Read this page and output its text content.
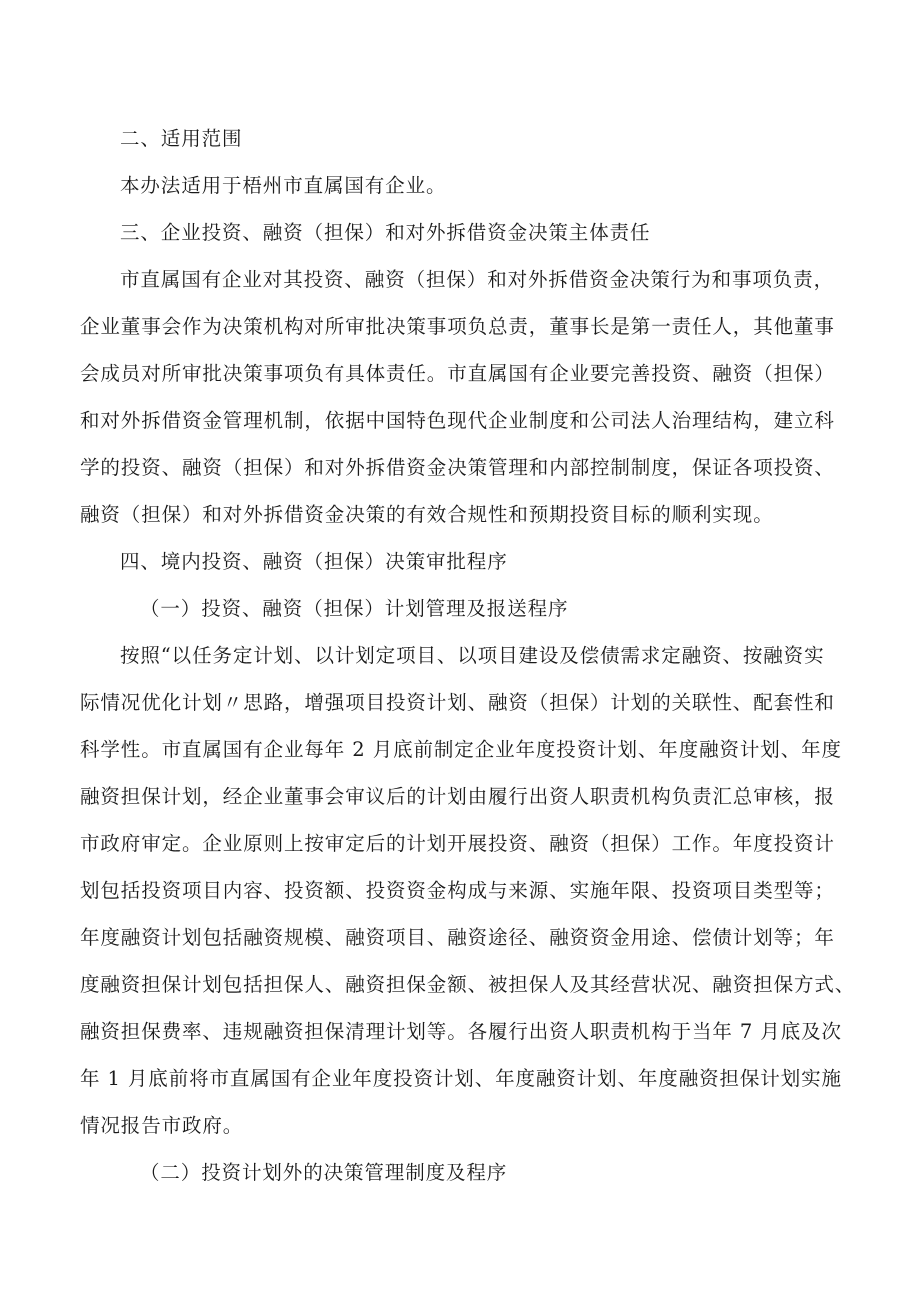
二、适用范围
本办法适用于梧州市直属国有企业。
三、企业投资、融资（担保）和对外拆借资金决策主体责任
市直属国有企业对其投资、融资（担保）和对外拆借资金决策行为和事项负责，
企业董事会作为决策机构对所审批决策事项负总责，董事长是第一责任人，其他董事
会成员对所审批决策事项负有具体责任。市直属国有企业要完善投资、融资（担保）
和对外拆借资金管理机制，依据中国特色现代企业制度和公司法人治理结构，建立科
学的投资、融资（担保）和对外拆借资金决策管理和内部控制制度，保证各项投资、
融资（担保）和对外拆借资金决策的有效合规性和预期投资目标的顺利实现。
四、境内投资、融资（担保）决策审批程序
（一）投资、融资（担保）计划管理及报送程序
按照“以任务定计划、以计划定项目、以项目建设及偿债需求定融资、按融资实
际情况优化计划〃思路，增强项目投资计划、融资（担保）计划的关联性、配套性和
科学性。市直属国有企业每年 2 月底前制定企业年度投资计划、年度融资计划、年度
融资担保计划，经企业董事会审议后的计划由履行出资人职责机构负责汇总审核，报
市政府审定。企业原则上按审定后的计划开展投资、融资（担保）工作。年度投资计
划包括投资项目内容、投资额、投资资金构成与来源、实施年限、投资项目类型等；
年度融资计划包括融资规模、融资项目、融资途径、融资资金用途、偿债计划等；年
度融资担保计划包括担保人、融资担保金额、被担保人及其经营状况、融资担保方式、
融资担保费率、违规融资担保清理计划等。各履行出资人职责机构于当年 7 月底及次
年 1 月底前将市直属国有企业年度投资计划、年度融资计划、年度融资担保计划实施
情况报告市政府。
（二）投资计划外的决策管理制度及程序
